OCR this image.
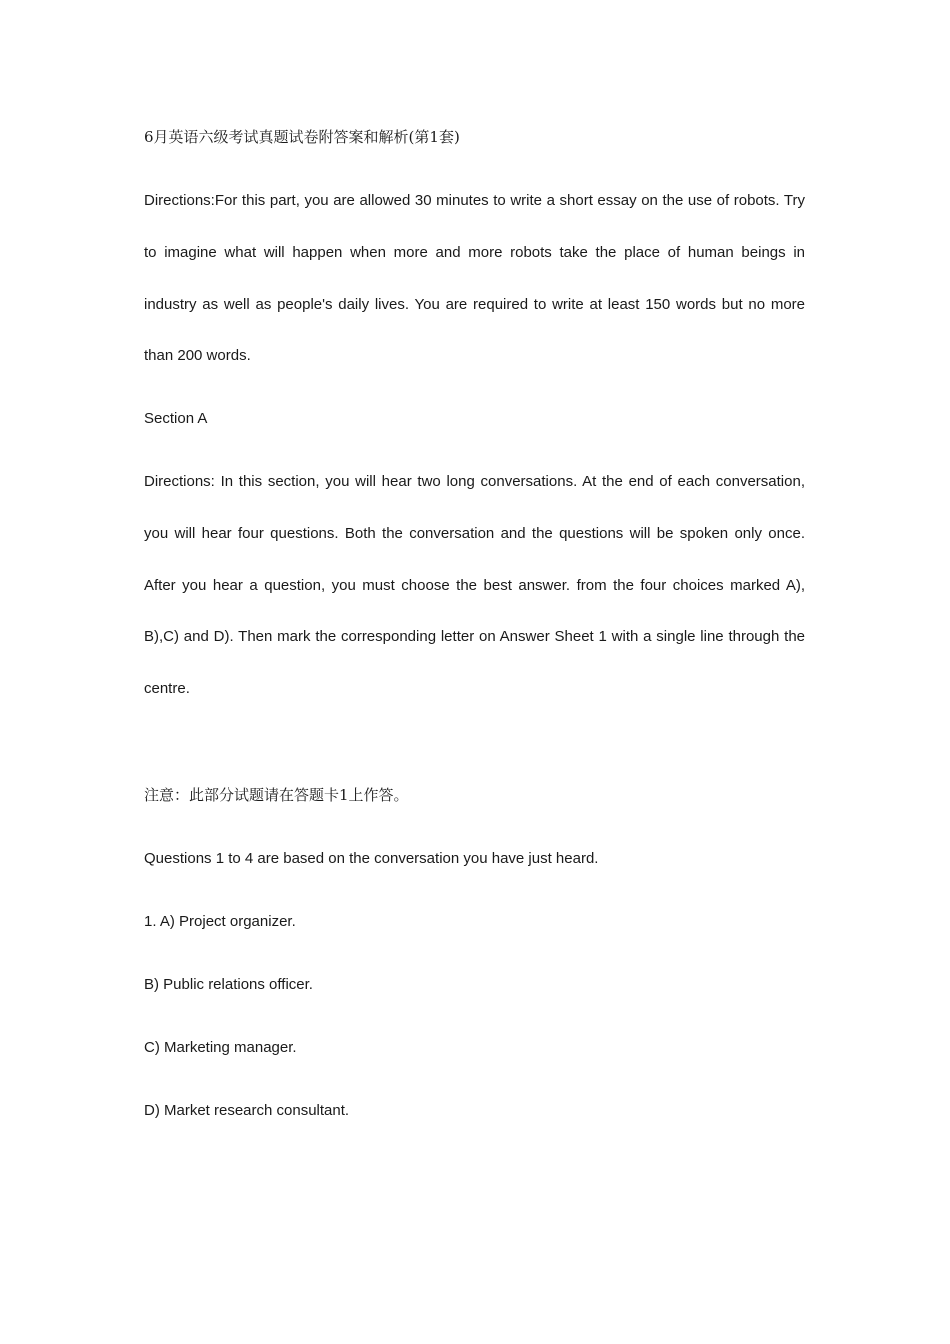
6月英语六级考试真题试卷附答案和解析(第1套)
Directions:For this part, you are allowed 30 minutes to write a short essay on the use of robots. Try to imagine what will happen when more and more robots take the place of human beings in industry as well as people's daily lives. You are required to write at least 150 words but no more than 200 words.
Section A
Directions: In this section, you will hear two long conversations. At the end of each conversation, you will hear four questions. Both the conversation and the questions will be spoken only once. After you hear a question, you must choose the best answer. from the four choices marked A), B),C) and D). Then mark the corresponding letter on Answer Sheet 1 with a single line through the centre.
注意：此部分试题请在答题卡1上作答。
Questions 1 to 4 are based on the conversation you have just heard.
1. A) Project organizer.
B) Public relations officer.
C) Marketing manager.
D) Market research consultant.
